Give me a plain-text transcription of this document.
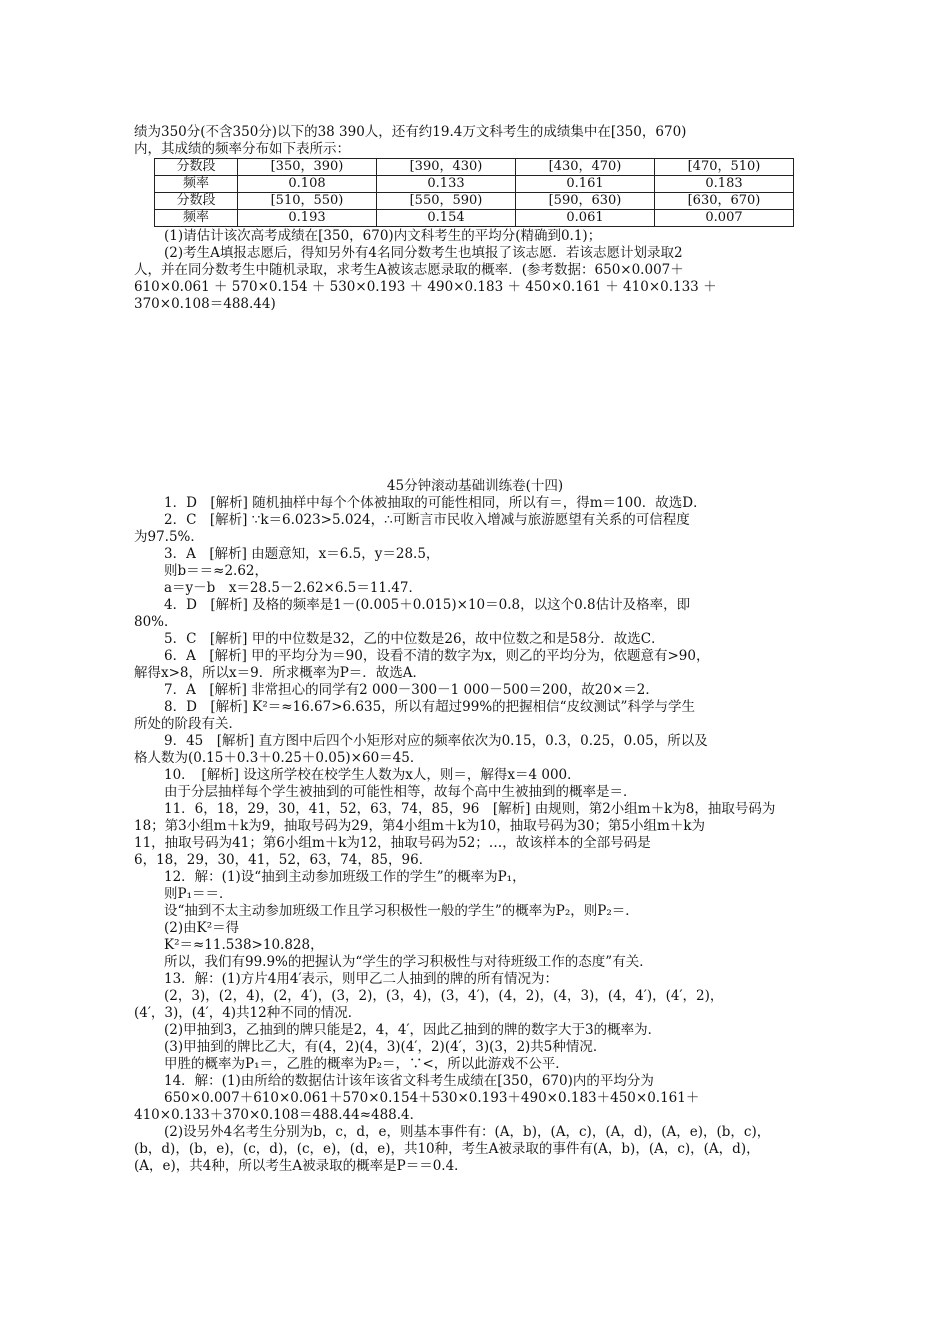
绩为350分(不含350分)以下的38 390人，还有约19.4万文科考生的成绩集中在[350，670)
内，其成绩的频率分布如下表所示：
分数段	[350，390)	[390，430)	[430，470)	[470，510)
频率	0.108	0.133	0.161	0.183
分数段	[510，550)	[550，590)	[590，630)	[630，670)
频率	0.193	0.154	0.061	0.007
(1)请估计该次高考成绩在[350，670)内文科考生的平均分(精确到0.1)；
(2)考生A填报志愿后，得知另外有4名同分数考生也填报了该志愿．若该志愿计划录取2
人，并在同分数考生中随机录取，求考生A被该志愿录取的概率．(参考数据：650×0.007＋
610×0.061 ＋ 570×0.154 ＋ 530×0.193 ＋ 490×0.183 ＋ 450×0.161 ＋ 410×0.133 ＋
370×0.108＝488.44)
45分钟滚动基础训练卷(十四)
1．D　[解析] 随机抽样中每个个体被抽取的可能性相同，所以有＝，得m＝100．故选D．
2．C　[解析] ∵k＝6.023>5.024，∴可断言市民收入增减与旅游愿望有关系的可信程度
为97.5%．
3．A　[解析] 由题意知，x＝6.5，y＝28.5，
则b＝＝≈2.62，
a＝y－b　x＝28.5－2.62×6.5＝11.47．
4．D　[解析] 及格的频率是1－(0.005＋0.015)×10＝0.8，以这个0.8估计及格率，即
80%．
5．C　[解析] 甲的中位数是32，乙的中位数是26，故中位数之和是58分．故选C．
6．A　[解析] 甲的平均分为＝90，设看不清的数字为x，则乙的平均分为，依题意有>90，
解得x>8，所以x＝9．所求概率为P＝．故选A．
7．A　[解析] 非常担心的同学有2 000－300－1 000－500＝200，故20×＝2．
8．D　[解析] K²＝≈16.67>6.635，所以有超过99%的把握相信“皮纹测试”科学与学生
所处的阶段有关．
9．45　[解析] 直方图中后四个小矩形对应的频率依次为0.15，0.3，0.25，0.05，所以及
格人数为(0.15＋0.3＋0.25＋0.05)×60＝45．
10．　[解析] 设这所学校在校学生人数为x人，则＝，解得x＝4 000．
由于分层抽样每个学生被抽到的可能性相等，故每个高中生被抽到的概率是＝．
11．6，18，29，30，41，52，63，74，85，96　[解析] 由规则，第2小组m＋k为8，抽取号码为
18；第3小组m＋k为9，抽取号码为29，第4小组m＋k为10，抽取号码为30；第5小组m＋k为
11，抽取号码为41；第6小组m＋k为12，抽取号码为52；…，故该样本的全部号码是
6，18，29，30，41，52，63，74，85，96．
12．解：(1)设“抽到主动参加班级工作的学生”的概率为P₁，
则P₁＝＝．
设“抽到不太主动参加班级工作且学习积极性一般的学生”的概率为P₂，则P₂＝．
(2)由K²＝得
K²＝≈11.538>10.828，
所以，我们有99.9%的把握认为“学生的学习积极性与对待班级工作的态度”有关．
13．解：(1)方片4用4′表示，则甲乙二人抽到的牌的所有情况为：
(2，3)，(2，4)，(2，4′)，(3，2)，(3，4)，(3，4′)，(4，2)，(4，3)，(4，4′)，(4′，2)，
(4′，3)，(4′，4)共12种不同的情况．
(2)甲抽到3，乙抽到的牌只能是2，4，4′，因此乙抽到的牌的数字大于3的概率为．
(3)甲抽到的牌比乙大，有(4，2)(4，3)(4′，2)(4′，3)(3，2)共5种情况．
甲胜的概率为P₁＝，乙胜的概率为P₂＝，∵<，所以此游戏不公平．
14．解：(1)由所给的数据估计该年该省文科考生成绩在[350，670)内的平均分为
650×0.007＋610×0.061＋570×0.154＋530×0.193＋490×0.183＋450×0.161＋
410×0.133＋370×0.108＝488.44≈488.4．
(2)设另外4名考生分别为b，c，d，e，则基本事件有：(A，b)，(A，c)，(A，d)，(A，e)，(b，c)，
(b，d)，(b，e)，(c，d)，(c，e)，(d，e)，共10种，考生A被录取的事件有(A，b)，(A，c)，(A，d)，
(A，e)，共4种，所以考生A被录取的概率是P＝＝0.4．
